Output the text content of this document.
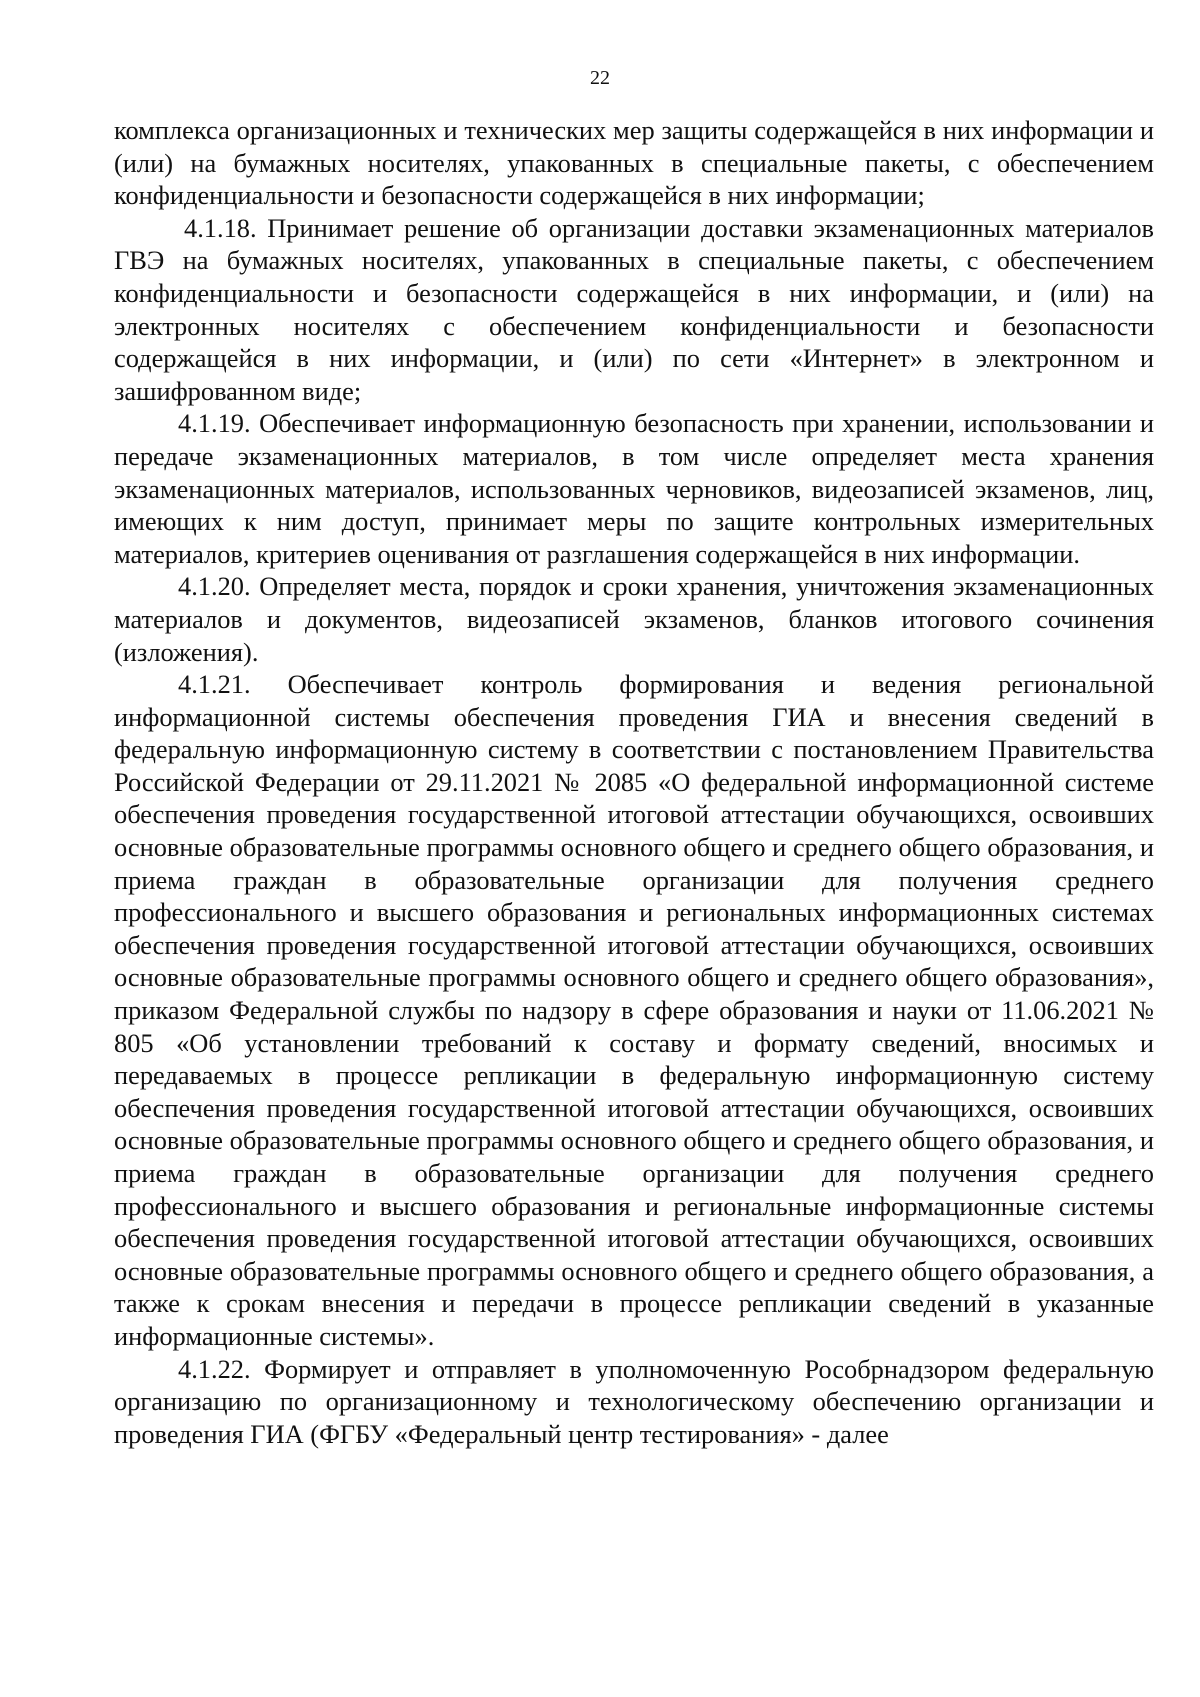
22

комплекса организационных и технических мер защиты содержащейся в них информации и (или) на бумажных носителях, упакованных в специальные пакеты, с обеспечением конфиденциальности и безопасности содержащейся в них информации;

4.1.18. Принимает решение об организации доставки экзаменационных материалов ГВЭ на бумажных носителях, упакованных в специальные пакеты, с обеспечением конфиденциальности и безопасности содержащейся в них информации, и (или) на электронных носителях с обеспечением конфиденциальности и безопасности содержащейся в них информации, и (или) по сети «Интернет» в электронном и зашифрованном виде;

4.1.19. Обеспечивает информационную безопасность при хранении, использовании и передаче экзаменационных материалов, в том числе определяет места хранения экзаменационных материалов, использованных черновиков, видеозаписей экзаменов, лиц, имеющих к ним доступ, принимает меры по защите контрольных измерительных материалов, критериев оценивания от разглашения содержащейся в них информации.

4.1.20. Определяет места, порядок и сроки хранения, уничтожения экзаменационных материалов и документов, видеозаписей экзаменов, бланков итогового сочинения (изложения).

4.1.21. Обеспечивает контроль формирования и ведения региональной информационной системы обеспечения проведения ГИА и внесения сведений в федеральную информационную систему в соответствии с постановлением Правительства Российской Федерации от 29.11.2021 № 2085 «О федеральной информационной системе обеспечения проведения государственной итоговой аттестации обучающихся, освоивших основные образовательные программы основного общего и среднего общего образования, и приема граждан в образовательные организации для получения среднего профессионального и высшего образования и региональных информационных системах обеспечения проведения государственной итоговой аттестации обучающихся, освоивших основные образовательные программы основного общего и среднего общего образования», приказом Федеральной службы по надзору в сфере образования и науки от 11.06.2021 № 805 «Об установлении требований к составу и формату сведений, вносимых и передаваемых в процессе репликации в федеральную информационную систему обеспечения проведения государственной итоговой аттестации обучающихся, освоивших основные образовательные программы основного общего и среднего общего образования, и приема граждан в образовательные организации для получения среднего профессионального и высшего образования и региональные информационные системы обеспечения проведения государственной итоговой аттестации обучающихся, освоивших основные образовательные программы основного общего и среднего общего образования, а также к срокам внесения и передачи в процессе репликации сведений в указанные информационные системы».

4.1.22. Формирует и отправляет в уполномоченную Рособрнадзором федеральную организацию по организационному и технологическому обеспечению организации и проведения ГИА (ФГБУ «Федеральный центр тестирования» - далее
